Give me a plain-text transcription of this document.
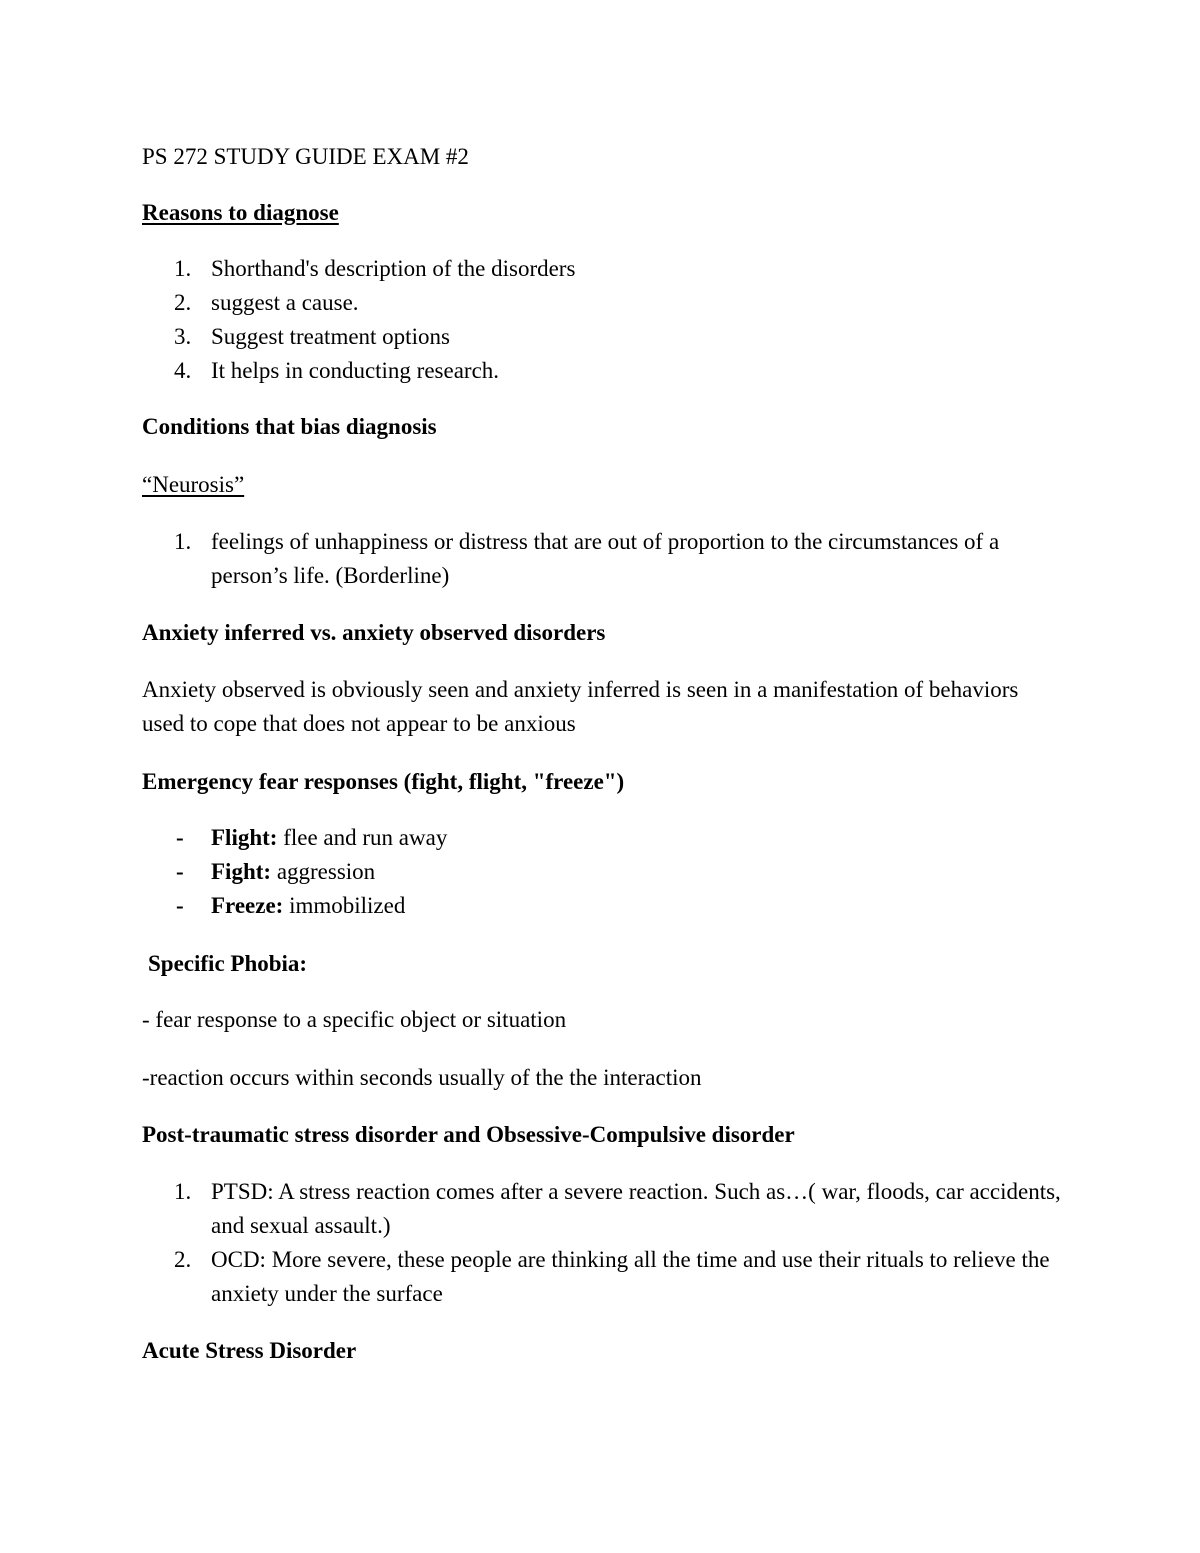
PS 272 STUDY GUIDE EXAM #2

Reasons to diagnose

1. Shorthand's description of the disorders
2. suggest a cause.
3. Suggest treatment options
4. It helps in conducting research.

Conditions that bias diagnosis

“Neurosis”

1. feelings of unhappiness or distress that are out of proportion to the circumstances of a person’s life. (Borderline)

Anxiety inferred vs. anxiety observed disorders

Anxiety observed is obviously seen and anxiety inferred is seen in a manifestation of behaviors used to cope that does not appear to be anxious

Emergency fear responses (fight, flight, "freeze")

- Flight: flee and run away
- Fight: aggression
- Freeze: immobilized

Specific Phobia:

- fear response to a specific object or situation

-reaction occurs within seconds usually of the the interaction

Post-traumatic stress disorder and Obsessive-Compulsive disorder

1. PTSD: A stress reaction comes after a severe reaction. Such as…( war, floods, car accidents, and sexual assault.)
2. OCD: More severe, these people are thinking all the time and use their rituals to relieve the anxiety under the surface

Acute Stress Disorder
